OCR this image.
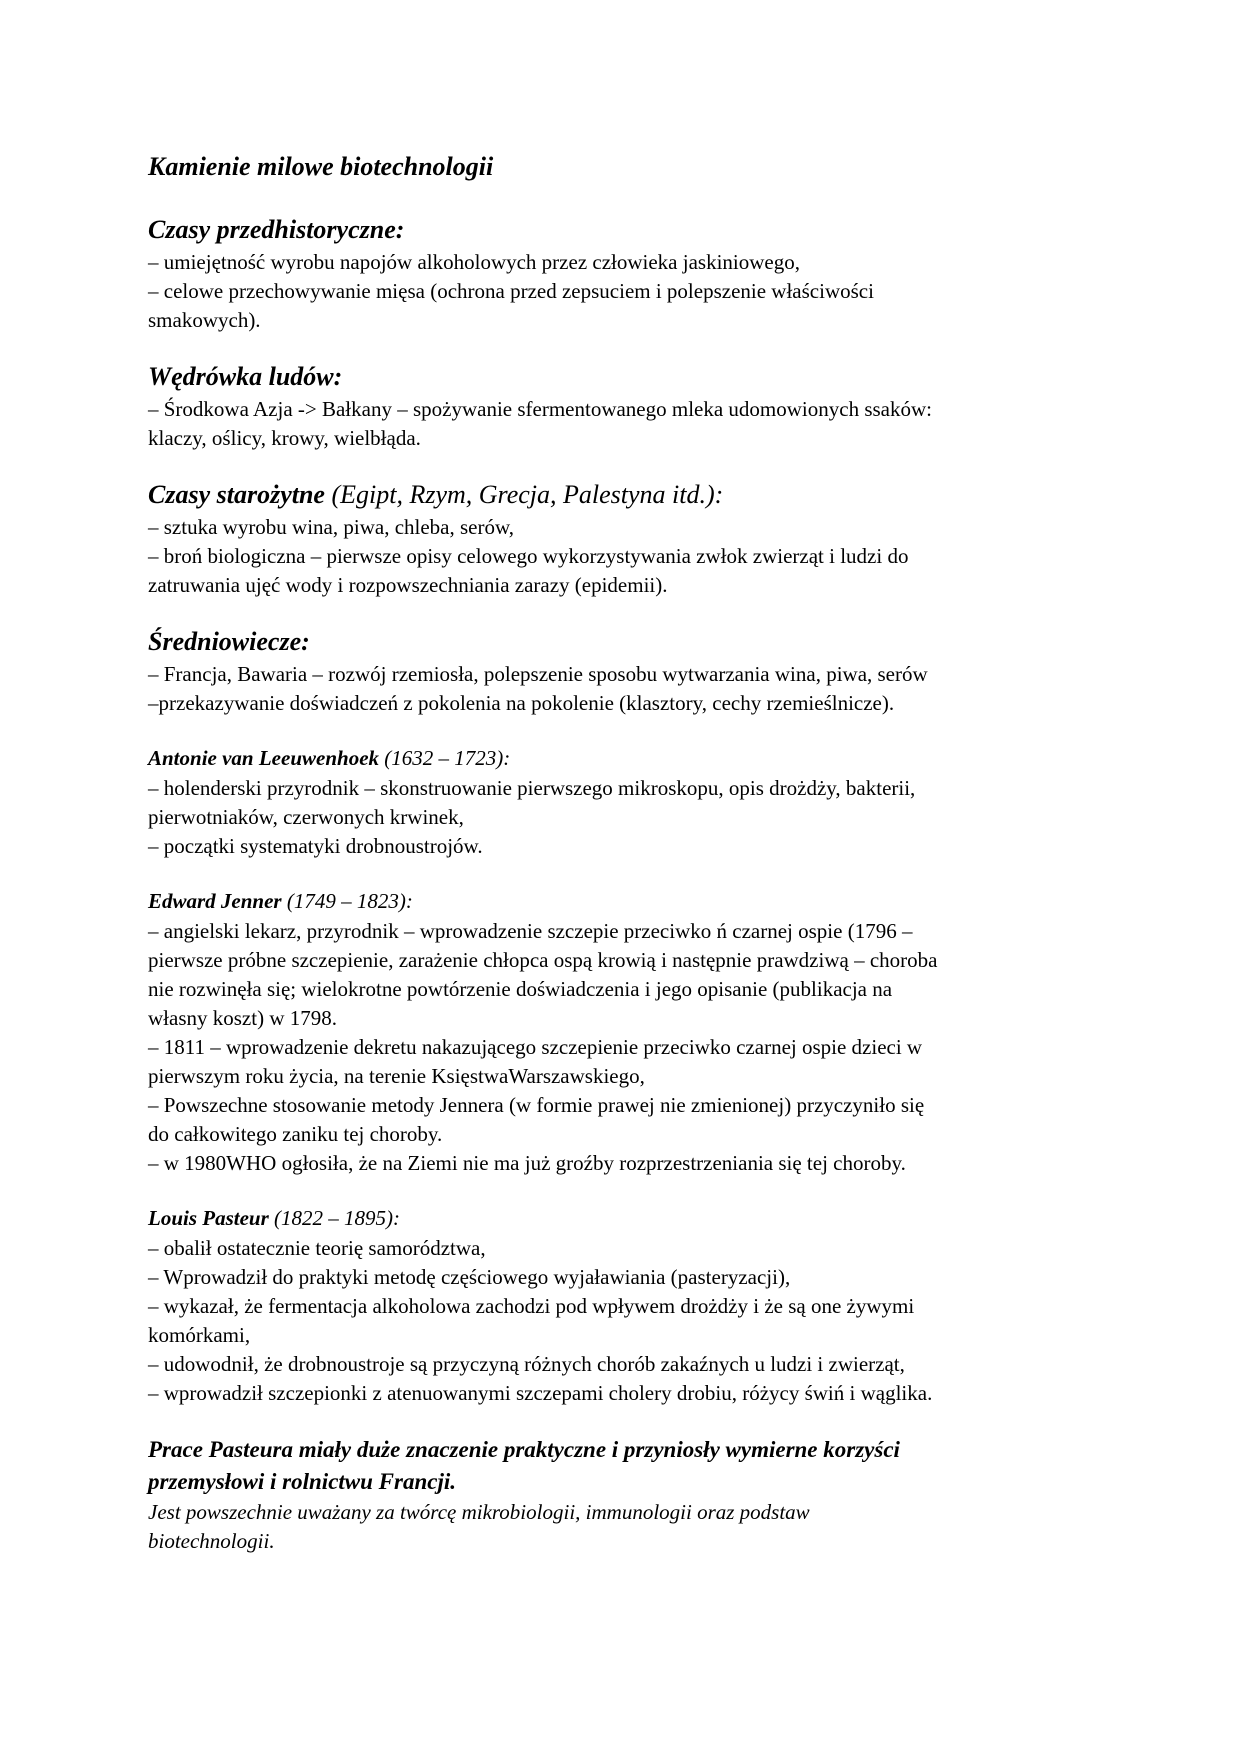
Kamienie milowe biotechnologii
Czasy przedhistoryczne:

– umiejętność wyrobu napojów alkoholowych przez człowieka jaskiniowego,

– celowe przechowywanie mięsa (ochrona przed zepsuciem i polepszenie właściwości

smakowych).

Wędrówka ludów:

– Środkowa Azja -> Bałkany – spożywanie sfermentowanego mleka udomowionych ssaków:

klaczy, oślicy, krowy, wielbłąda.

Czasy starożytne (Egipt, Rzym, Grecja, Palestyna itd.):

– sztuka wyrobu wina, piwa, chleba, serów,

– broń biologiczna – pierwsze opisy celowego wykorzystywania zwłok zwierząt i ludzi do

zatruwania ujęć wody i rozpowszechniania zarazy (epidemii).

Średniowiecze:

– Francja, Bawaria – rozwój rzemiosła, polepszenie sposobu wytwarzania wina, piwa, serów

–przekazywanie doświadczeń z pokolenia na pokolenie (klasztory, cechy rzemieślnicze).

Antonie van Leeuwenhoek (1632 – 1723):

– holenderski przyrodnik – skonstruowanie pierwszego mikroskopu, opis drożdży, bakterii,

pierwotniaków, czerwonych krwinek,

– początki systematyki drobnoustrojów.

Edward Jenner (1749 – 1823):

– angielski lekarz, przyrodnik – wprowadzenie szczepie przeciwko ń czarnej ospie (1796 –

pierwsze próbne szczepienie, zarażenie chłopca ospą krowią i następnie prawdziwą – choroba

nie rozwinęła się; wielokrotne powtórzenie doświadczenia i jego opisanie (publikacja na

własny koszt) w 1798.

– 1811 – wprowadzenie dekretu nakazującego szczepienie przeciwko czarnej ospie dzieci w

pierwszym roku życia, na terenie KsięstwaWarszawskiego,

– Powszechne stosowanie metody Jennera (w formie prawej nie zmienionej) przyczyniło się

do całkowitego zaniku tej choroby.

– w 1980WHO ogłosiła, że na Ziemi nie ma już groźby rozprzestrzeniania się tej choroby.

Louis Pasteur (1822 – 1895):

– obalił ostatecznie teorię samorództwa,

– Wprowadził do praktyki metodę częściowego wyjaławiania (pasteryzacji),

– wykazał, że fermentacja alkoholowa zachodzi pod wpływem drożdży i że są one żywymi

komórkami,

– udowodnił, że drobnoustroje są przyczyną różnych chorób zakaźnych u ludzi i zwierząt,

– wprowadził szczepionki z atenuowanymi szczepami cholery drobiu, różycy świń i wąglika.

Prace Pasteura miały duże znaczenie praktyczne i przyniosły wymierne korzyści

przemysłowi i rolnictwu Francji.

Jest powszechnie uważany za twórcę mikrobiologii, immunologii oraz podstaw

biotechnologii.
